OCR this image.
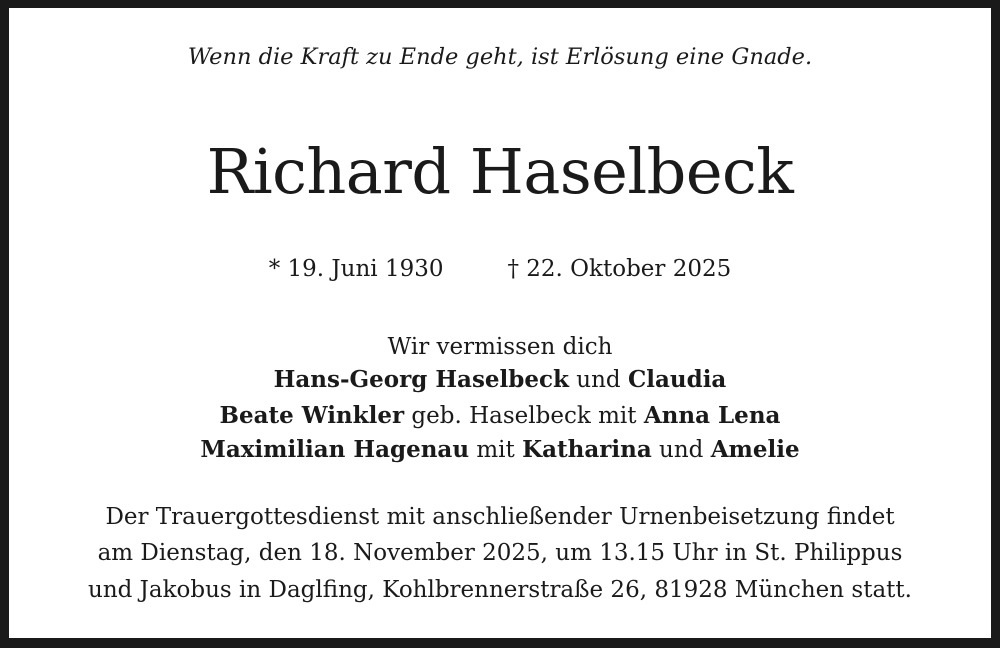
Wenn die Kraft zu Ende geht, ist Erlösung eine Gnade.
Richard Haselbeck
* 19. Juni 1930	† 22. Oktober 2025
Wir vermissen dich
Hans-Georg Haselbeck und Claudia
Beate Winkler geb. Haselbeck mit Anna Lena
Maximilian Hagenau mit Katharina und Amelie
Der Trauergottesdienst mit anschließender Urnenbeisetzung findet
am Dienstag, den 18. November 2025, um 13.15 Uhr in St. Philippus
und Jakobus in Daglfing, Kohlbrennerstraße 26, 81928 München statt.
